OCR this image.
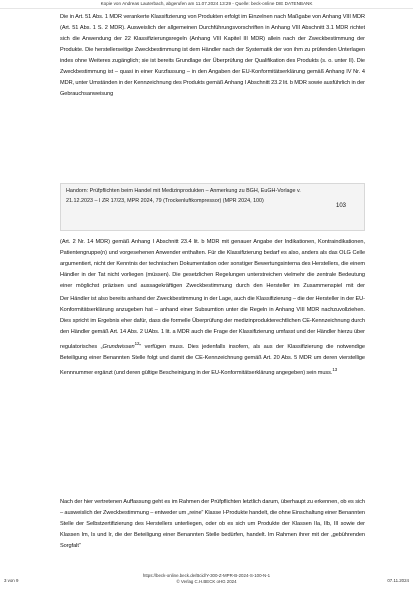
Kopie von Andreas Lauterbach, abgerufen am 11.07.2024 13:29 - Quelle: beck-online DIE DATENBANK

Die in Art. 51 Abs. 1 MDR verankerte Klassifizierung von Produkten erfolgt im Einzelnen nach Maßgabe von Anhang VIII MDR (Art. 51 Abs. 1 S. 2 MDR). Ausweislich der allgemeinen Durchführungsvorschriften in Anhang VIII Abschnitt 3.1 MDR richtet sich die Anwendung der 22 Klassifizierungsregeln (Anhang VIII Kapitel III MDR) allein nach der Zweckbestimmung der Produkte. Die herstellerseitige Zweckbestimmung ist dem Händler nach der Systematik der von ihm zu prüfenden Unterlagen indes ohne Weiteres zugänglich; sie ist bereits Grundlage der Überprüfung der Qualifikation des Produkts (s. o. unter II). Die Zweckbestimmung ist – quasi in einer Kurzfassung – in den Angaben der EU-Konformitätserklärung gemäß Anhang IV Nr. 4 MDR, unter Umständen in der Kennzeichnung des Produkts gemäß Anhang I Abschnitt 23.2 lit. b MDR sowie ausführlich in der Gebrauchsanweisung

Handorn: Prüfpflichten beim Handel mit Medizinprodukten – Anmerkung zu BGH, EuGH-Vorlage v. 21.12.2023 – I ZR 17/23, MPR 2024, 79 (Trockenluftkompressor) (MPR 2024, 100)
103

(Art. 2 Nr. 14 MDR) gemäß Anhang I Abschnitt 23.4 lit. b MDR mit genauer Angabe der Indikationen, Kontraindikationen, Patientengruppe(n) und vorgesehenen Anwender enthalten. Für die Klassifizierung bedarf es also, anders als das OLG Celle argumentiert, nicht der Kenntnis der technischen Dokumentation oder sonstiger Bewertungsinterna des Herstellers, die einem Händler in der Tat nicht vorliegen (müssen). Die gesetzlichen Regelungen unterstreichen vielmehr die zentrale Bedeutung einer möglichst präzisen und aussagekräftigen Zweckbestimmung durch den Hersteller im Zusammenspiel mit der

Der Händler ist also bereits anhand der Zweckbestimmung in der Lage, auch die Klassifizierung – die der Hersteller in der EU-Konformitätserklärung anzugeben hat – anhand einer Subsumtion unter die Regeln in Anhang VIII MDR nachzuvollziehen. Dies spricht im Ergebnis eher dafür, dass die formelle Überprüfung der medizinprodukterechtlichen CE-Kennzeichnung durch den Händler gemäß Art. 14 Abs. 2 UAbs. 1 lit. a MDR auch die Frage der Klassifizierung umfasst und der Händler hierzu über regulatorisches „Grundwissen$^{12}$“ verfügen muss. Dies jedenfalls insofern, als aus der Klassifizierung die notwendige Beteiligung einer Benannten Stelle folgt und damit die CE-Kennzeichnung gemäß Art. 20 Abs. 5 MDR um deren vierstellige Kennnummer ergänzt (und deren gültige Bescheinigung in der EU-Konformitätserklärung angegeben) sein muss.$^{13}$

Nach der hier vertretenen Auffassung geht es im Rahmen der Prüfpflichten letztlich darum, überhaupt zu erkennen, ob es sich – ausweislich der Zweckbestimmung – entweder um „reine“ Klasse I-Produkte handelt, die ohne Einschaltung einer Benannten Stelle der Selbstzertifizierung des Herstellers unterliegen, oder ob es sich um Produkte der Klassen IIa, IIb, III sowie der Klassen Im, Is und Ir, die der Beteiligung einer Benannten Stelle bedürfen, handelt. Im Rahmen ihrer mit der „gebührenden Sorgfalt“

3 von 9
https://beck-online.beck.de/Bcid/Y-300-Z-MPR-B-2024-S-100-N-1
© Verlag C.H.BECK oHG 2024	07.11.2024
